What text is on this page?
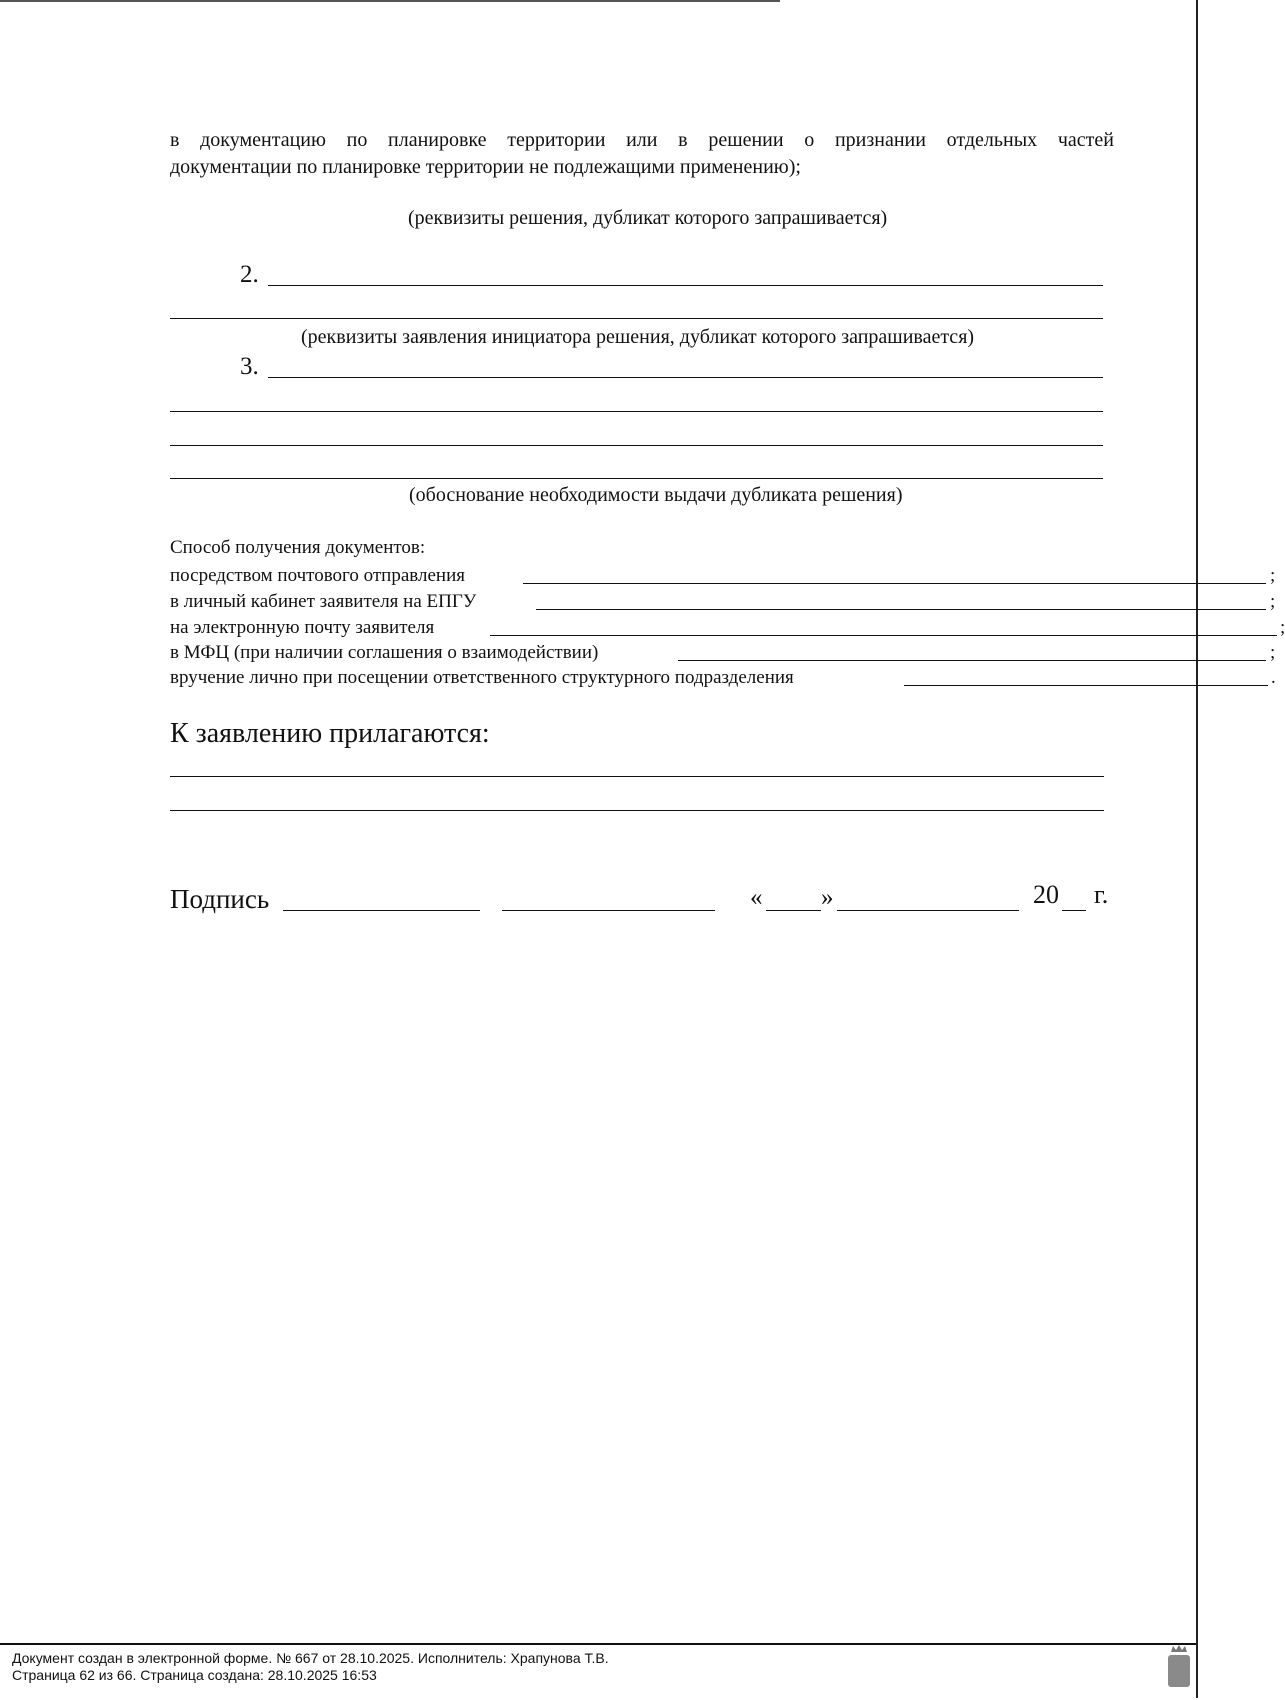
в документацию по планировке территории или в решении о признании отдельных частей
документации по планировке территории не подлежащими применению);
(реквизиты решения, дубликат которого запрашивается)
2.
(реквизиты заявления инициатора решения, дубликат которого запрашивается)
3.
(обоснование необходимости выдачи дубликата решения)
Способ получения документов:
посредством почтового отправления	;
в личный кабинет заявителя на ЕПГУ	;
на электронную почту заявителя	;
в МФЦ (при наличии соглашения о взаимодействии)	;
вручение лично при посещении ответственного структурного подразделения	.
К заявлению прилагаются:
Подпись	« »	20 г.
Документ создан в электронной форме. № 667 от 28.10.2025. Исполнитель: Храпунова Т.В.
Страница 62 из 66. Страница создана: 28.10.2025 16:53
